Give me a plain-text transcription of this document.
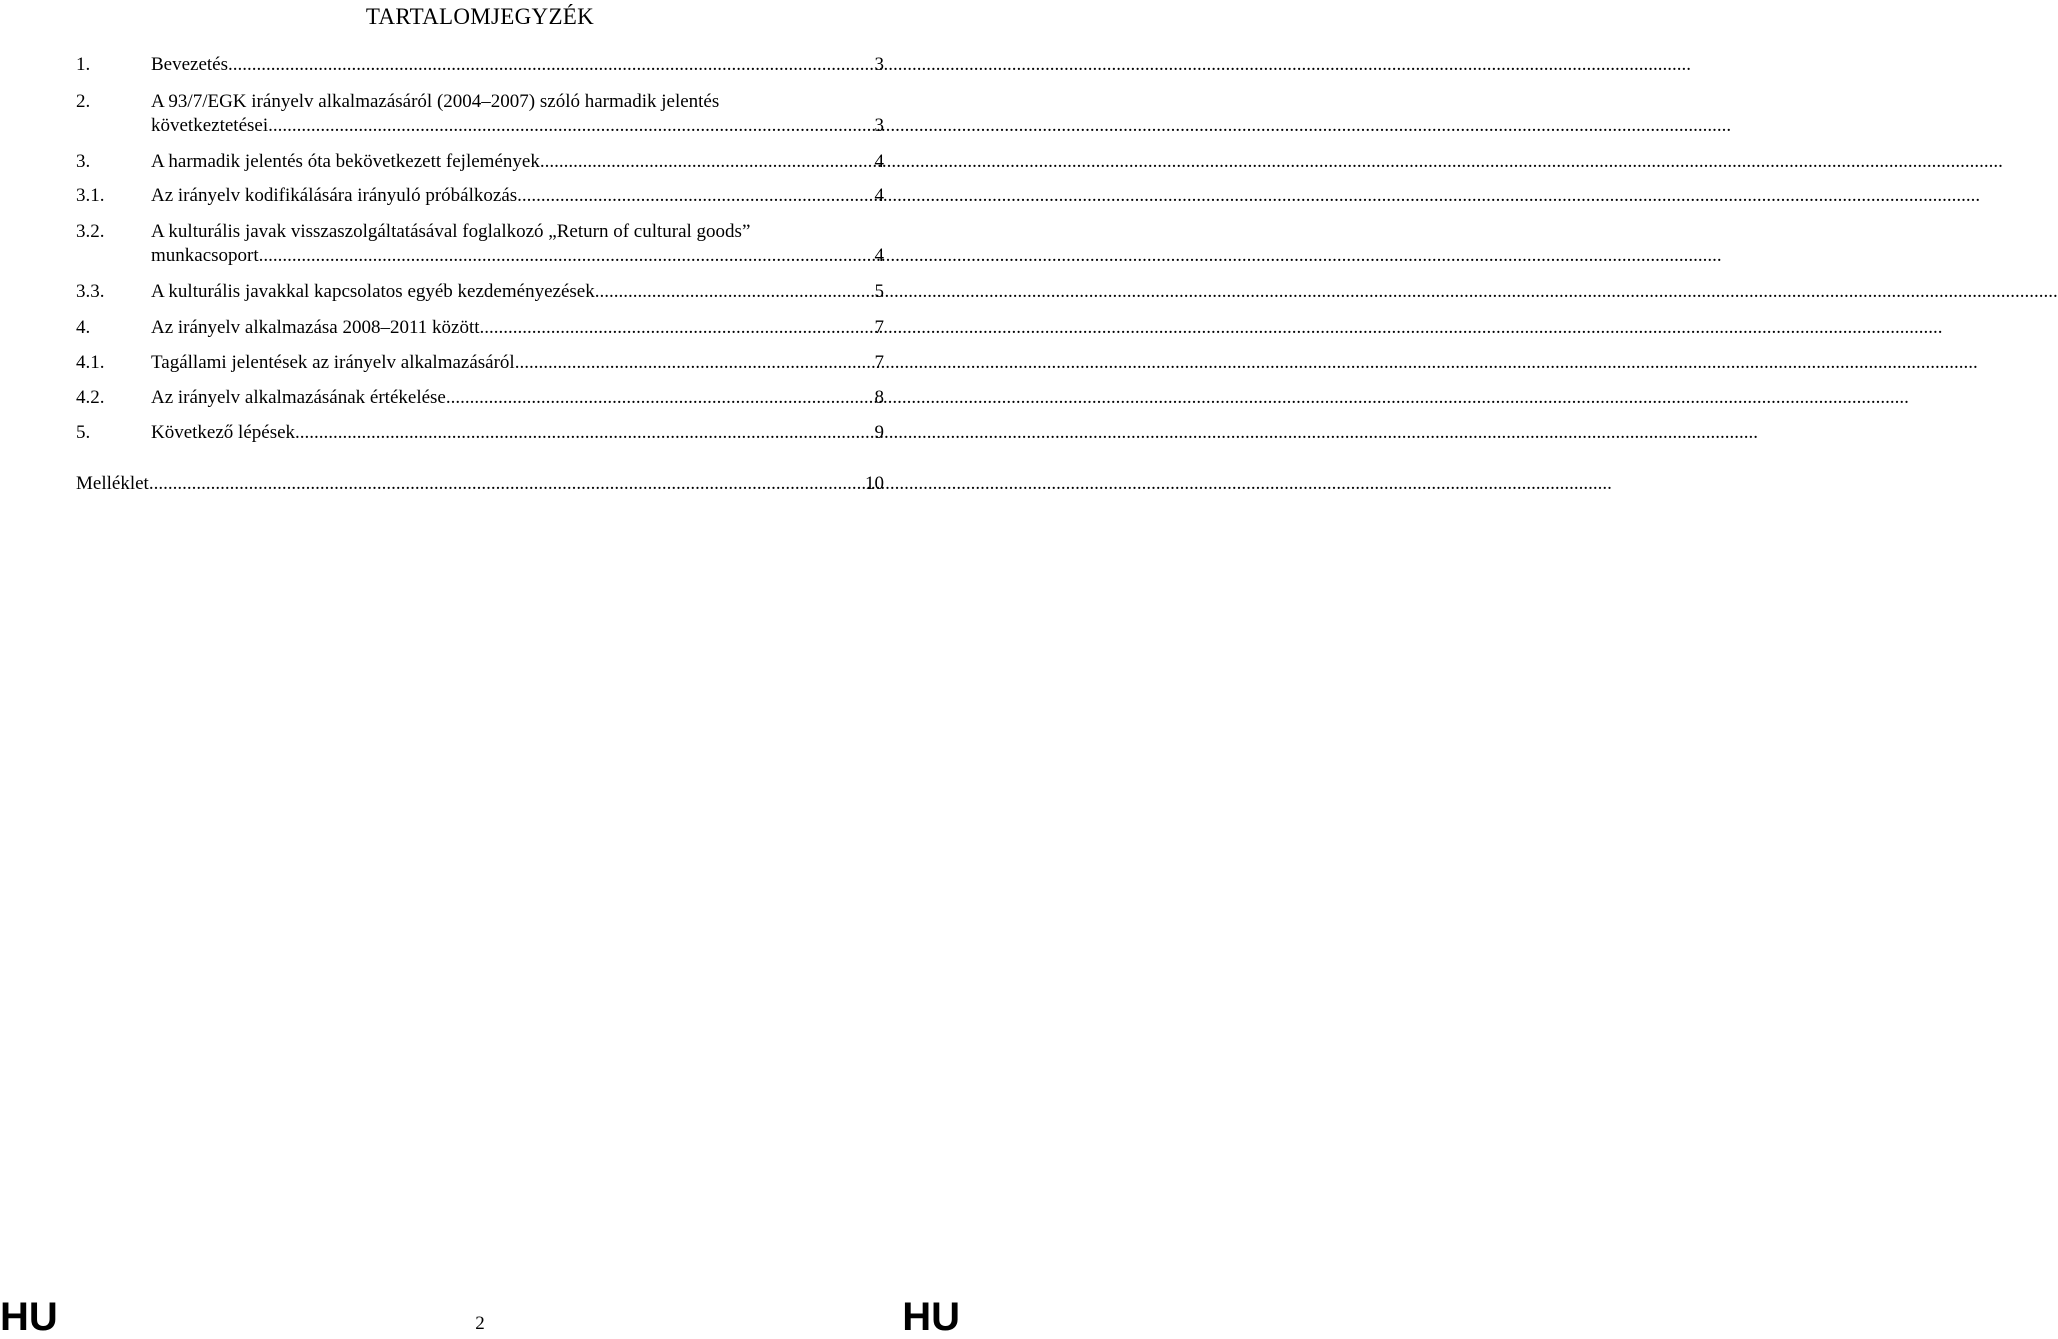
TARTALOMJEGYZÉK
1.	Bevezetés .....	3
2.	A 93/7/EGK irányelv alkalmazásáról (2004–2007) szóló harmadik jelentés
következtetései .....	3
3.	A harmadik jelentés óta bekövetkezett fejlemények .....	4
3.1. Az irányelv kodifikálására irányuló próbálkozás .....	4
3.2. A kulturális javak visszaszolgáltatásával foglalkozó „Return of cultural goods”
munkacsoport .....	4
3.3. A kulturális javakkal kapcsolatos egyéb kezdeményezések .....	5
4.	Az irányelv alkalmazása 2008–2011 között .....	7
4.1. Tagállami jelentések az irányelv alkalmazásáról .....	7
4.2. Az irányelv alkalmazásának értékelése .....	8
5.	Következő lépések .....	9
Melléklet .....	10
HU	2	HU
